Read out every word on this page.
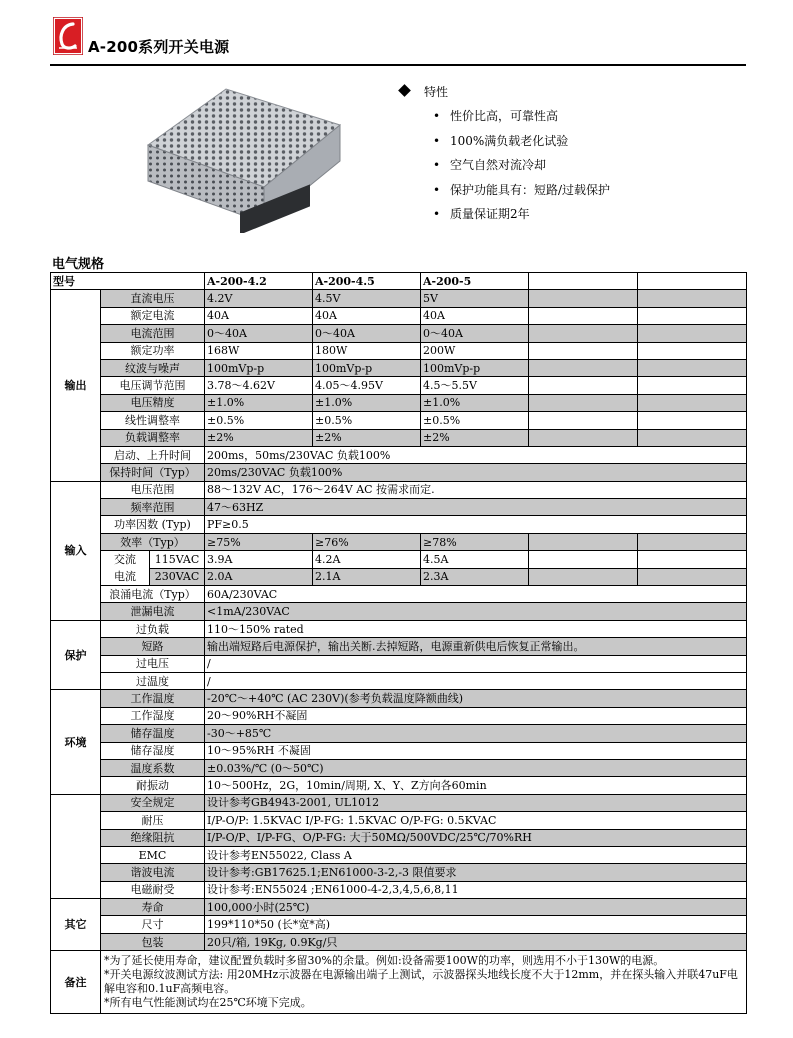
A-200系列开关电源
特性
• 性价比高，可靠性高
• 100%满负载老化试验
• 空气自然对流冷却
• 保护功能具有：短路/过载保护
• 质量保证期2年
电气规格
型号			A-200-4.2	A-200-4.5	A-200-5		
输出	直流电压		4.2V	4.5V	5V		
	额定电流		40A	40A	40A		
	电流范围		0～40A	0～40A	0～40A		
	额定功率		168W	180W	200W		
	纹波与噪声		100mVp-p	100mVp-p	100mVp-p		
	电压调节范围		3.78～4.62V	4.05～4.95V	4.5～5.5V		
	电压精度		±1.0%	±1.0%	±1.0%		
	线性调整率		±0.5%	±0.5%	±0.5%		
	负载调整率		±2%	±2%	±2%		
	启动、上升时间		200ms，50ms/230VAC 负载100%				
	保持时间（Typ）		20ms/230VAC 负载100%				
输入	电压范围		88～132V AC，176～264V AC 按需求而定.				
	频率范围		47～63HZ				
	功率因数 (Typ)		PF≥0.5				
	效率（Typ）		≥75%	≥76%	≥78%		
	交流	115VAC	3.9A	4.2A	4.5A		
	电流	230VAC	2.0A	2.1A	2.3A		
	浪涌电流（Typ）		60A/230VAC				
	泄漏电流		<1mA/230VAC				
保护	过负载		110～150% rated				
	短路		输出端短路后电源保护，输出关断.去掉短路，电源重新供电后恢复正常输出。				
	过电压		/				
	过温度		/				
环境	工作温度		-20℃～+40℃ (AC 230V)(参考负载温度降额曲线)				
	工作湿度		20～90%RH不凝固				
	储存温度		-30～+85℃				
	储存湿度		10～95%RH 不凝固				
	温度系数		±0.03%/℃ (0～50℃)				
	耐振动		10～500Hz，2G，10min/周期, X、Y、Z方向各60min				
	安全规定		设计参考GB4943-2001, UL1012				
	耐压		I/P-O/P: 1.5KVAC I/P-FG: 1.5KVAC O/P-FG: 0.5KVAC				
	绝缘阻抗		I/P-O/P、I/P-FG、O/P-FG: 大于50MΩ/500VDC/25℃/70%RH				
	EMC		设计参考EN55022, Class A				
	谐波电流		设计参考:GB17625.1;EN61000-3-2,-3 限值要求				
	电磁耐受		设计参考:EN55024 ;EN61000-4-2,3,4,5,6,8,11				
其它	寿命		100,000小时(25℃)				
	尺寸		199*110*50 (长*宽*高)				
	包装		20只/箱, 19Kg, 0.9Kg/只				
备注	*为了延长使用寿命，建议配置负载时多留30%的余量。例如:设备需要100W的功率，则选用不小于130W的电源。
*开关电源纹波测试方法: 用20MHz示波器在电源输出端子上测试，示波器探头地线长度不大于12mm，并在探头输入并联47uF电解电容和0.1uF高频电容。
*所有电气性能测试均在25℃环境下完成。						
